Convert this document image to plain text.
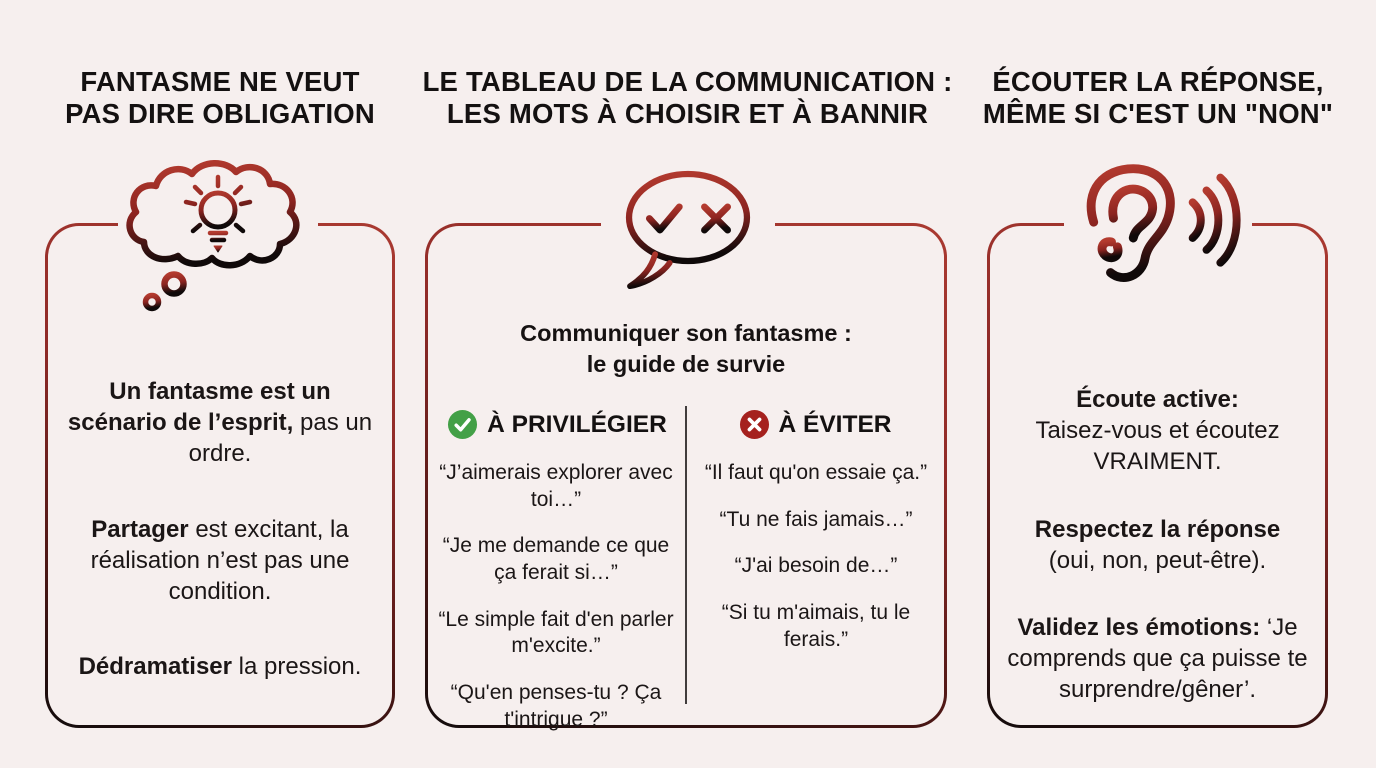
FANTASME NE VEUT
PAS DIRE OBLIGATION
LE TABLEAU DE LA COMMUNICATION :
LES MOTS À CHOISIR ET À BANNIR
ÉCOUTER LA RÉPONSE,
MÊME SI C'EST UN "NON"

Un fantasme est un scénario de l’esprit, pas un ordre.

Partager est excitant, la réalisation n’est pas une condition.

Dédramatiser la pression.

Communiquer son fantasme :
le guide de survie
À PRIVILÉGIER	À ÉVITER
“J’aimerais explorer avec toi…”
“Je me demande ce que ça ferait si…”
“Le simple fait d'en parler m'excite.”
“Qu'en penses-tu ? Ça t'intrigue ?”
“Il faut qu'on essaie ça.”
“Tu ne fais jamais…”
“J'ai besoin de…”
“Si tu m'aimais, tu le ferais.”

Écoute active:
Taisez-vous et écoutez VRAIMENT.

Respectez la réponse
(oui, non, peut-être).

Validez les émotions: ‘Je comprends que ça puisse te surprendre/gêner’.
